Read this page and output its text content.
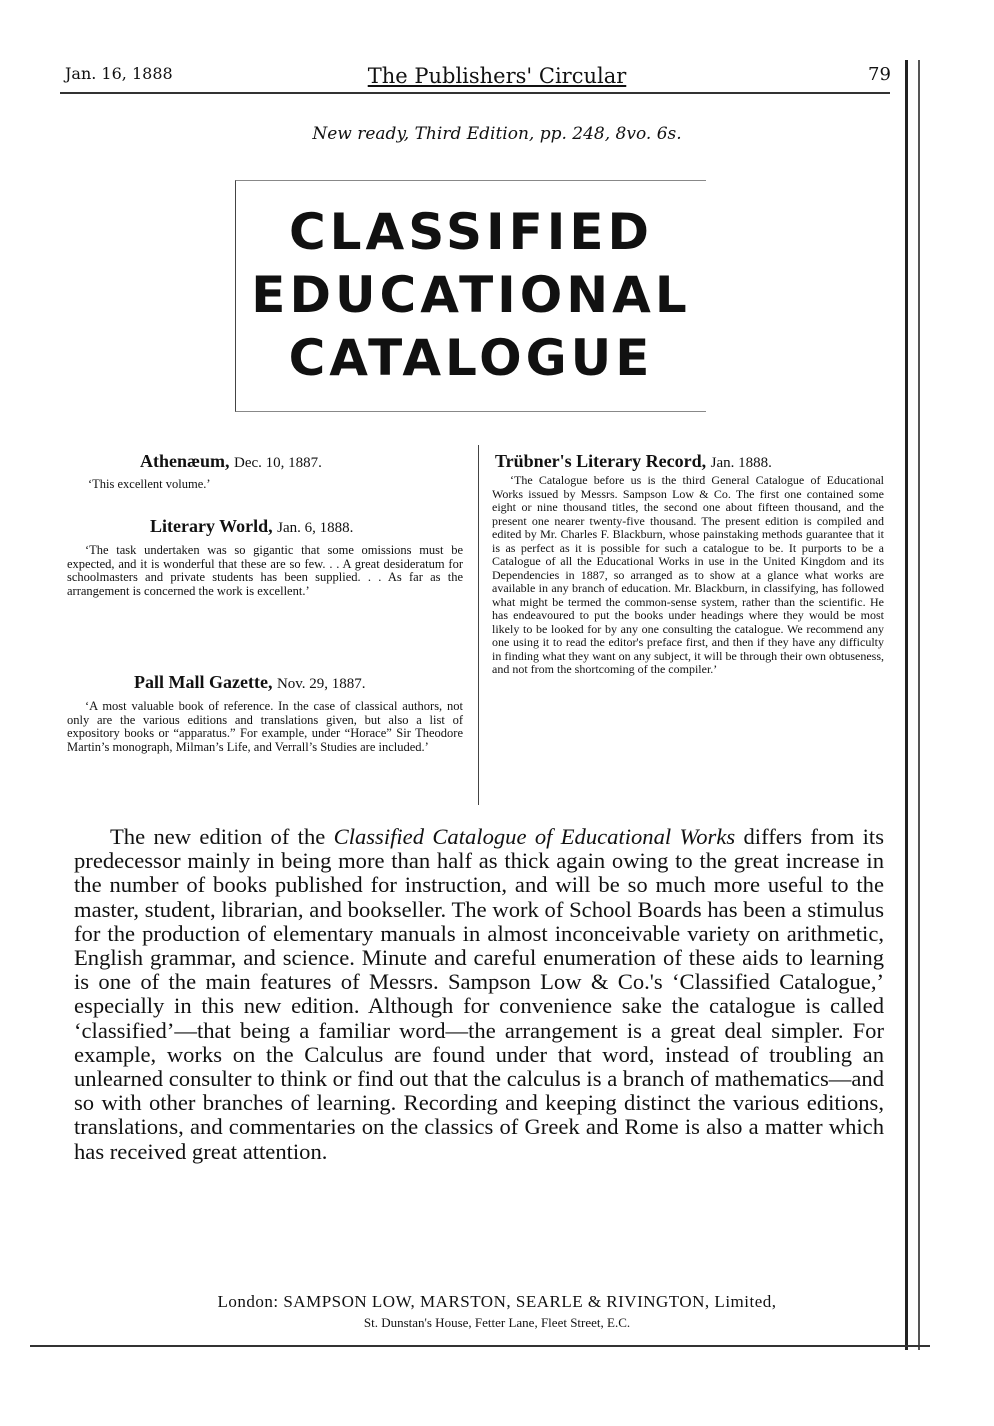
Jan. 16, 1888	The Publishers' Circular	79
New ready, Third Edition, pp. 248, 8vo. 6s.
CLASSIFIED
EDUCATIONAL
CATALOGUE
Athenæum, Dec. 10, 1887.

‘This excellent volume.’

Literary World, Jan. 6, 1888.

‘The task undertaken was so gigantic that some omissions must be expected, and it is wonderful that these are so few. . . A great desideratum for schoolmasters and private students has been supplied. . . As far as the arrangement is concerned the work is excellent.’

Pall Mall Gazette, Nov. 29, 1887.

‘A most valuable book of reference. In the case of classical authors, not only are the various editions and translations given, but also a list of expository books or “apparatus.” For example, under “Horace” Sir Theodore Martin’s monograph, Milman’s Life, and Verrall’s Studies are included.’

Trübner's Literary Record, Jan. 1888.

‘The Catalogue before us is the third General Catalogue of Educational Works issued by Messrs. Sampson Low & Co. The first one contained some eight or nine thousand titles, the second one about fifteen thousand, and the present one nearer twenty-five thousand. The present edition is compiled and edited by Mr. Charles F. Blackburn, whose painstaking methods guarantee that it is as perfect as it is possible for such a catalogue to be. It purports to be a Catalogue of all the Educational Works in use in the United Kingdom and its Dependencies in 1887, so arranged as to show at a glance what works are available in any branch of education. Mr. Blackburn, in classifying, has followed what might be termed the common-sense system, rather than the scientific. He has endeavoured to put the books under headings where they would be most likely to be looked for by any one consulting the catalogue. We recommend any one using it to read the editor's preface first, and then if they have any difficulty in finding what they want on any subject, it will be through their own obtuseness, and not from the shortcoming of the compiler.’

The new edition of the Classified Catalogue of Educational Works differs from its predecessor mainly in being more than half as thick again owing to the great increase in the number of books published for instruction, and will be so much more useful to the master, student, librarian, and bookseller. The work of School Boards has been a stimulus for the production of elementary manuals in almost inconceivable variety on arithmetic, English grammar, and science. Minute and careful enumeration of these aids to learning is one of the main features of Messrs. Sampson Low & Co.'s ‘Classified Catalogue,’ especially in this new edition. Although for convenience sake the catalogue is called ‘classified’—that being a familiar word—the arrangement is a great deal simpler. For example, works on the Calculus are found under that word, instead of troubling an unlearned consulter to think or find out that the calculus is a branch of mathematics—and so with other branches of learning. Recording and keeping distinct the various editions, translations, and commentaries on the classics of Greek and Rome is also a matter which has received great attention.

London: SAMPSON LOW, MARSTON, SEARLE & RIVINGTON, Limited,
St. Dunstan's House, Fetter Lane, Fleet Street, E.C.
